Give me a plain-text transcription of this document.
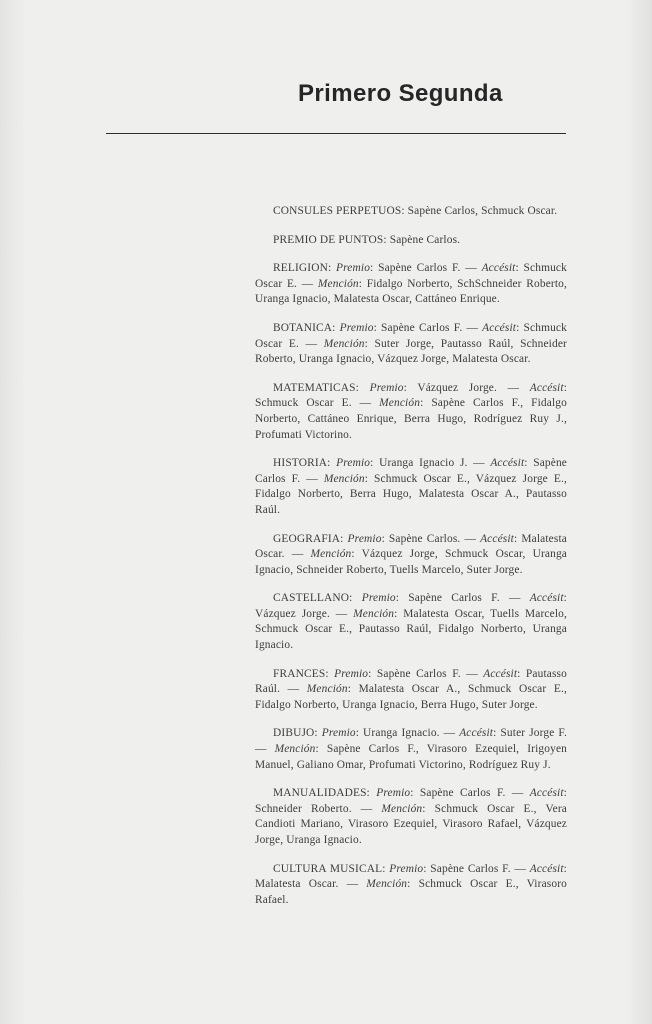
Primero Segunda

CONSULES PERPETUOS: Sapène Carlos, Schmuck Oscar.

PREMIO DE PUNTOS: Sapène Carlos.

RELIGION: Premio: Sapène Carlos F. — Accésit: Schmuck Oscar E. — Mención: Fidalgo Norberto, SchSchneider Roberto, Uranga Ignacio, Malatesta Oscar, Cattáneo Enrique.

BOTANICA: Premio: Sapène Carlos F. — Accésit: Schmuck Oscar E. — Mención: Suter Jorge, Pautasso Raúl, Schneider Roberto, Uranga Ignacio, Vázquez Jorge, Malatesta Oscar.

MATEMATICAS: Premio: Vázquez Jorge. — Accésit: Schmuck Oscar E. — Mención: Sapène Carlos F., Fidalgo Norberto, Cattáneo Enrique, Berra Hugo, Rodríguez Ruy J., Profumati Victorino.

HISTORIA: Premio: Uranga Ignacio J. — Accésit: Sapène Carlos F. — Mención: Schmuck Oscar E., Vázquez Jorge E., Fidalgo Norberto, Berra Hugo, Malatesta Oscar A., Pautasso Raúl.

GEOGRAFIA: Premio: Sapène Carlos. — Accésit: Malatesta Oscar. — Mención: Vázquez Jorge, Schmuck Oscar, Uranga Ignacio, Schneider Roberto, Tuells Marcelo, Suter Jorge.

CASTELLANO: Premio: Sapène Carlos F. — Accésit: Vázquez Jorge. — Mención: Malatesta Oscar, Tuells Marcelo, Schmuck Oscar E., Pautasso Raúl, Fidalgo Norberto, Uranga Ignacio.

FRANCES: Premio: Sapène Carlos F. — Accésit: Pautasso Raúl. — Mención: Malatesta Oscar A., Schmuck Oscar E., Fidalgo Norberto, Uranga Ignacio, Berra Hugo, Suter Jorge.

DIBUJO: Premio: Uranga Ignacio. — Accésit: Suter Jorge F. — Mención: Sapène Carlos F., Virasoro Ezequiel, Irigoyen Manuel, Galiano Omar, Profumati Victorino, Rodríguez Ruy J.

MANUALIDADES: Premio: Sapène Carlos F. — Accésit: Schneider Roberto. — Mención: Schmuck Oscar E., Vera Candioti Mariano, Virasoro Ezequiel, Virasoro Rafael, Vázquez Jorge, Uranga Ignacio.

CULTURA MUSICAL: Premio: Sapène Carlos F. — Accésit: Malatesta Oscar. — Mención: Schmuck Oscar E., Virasoro Rafael.
